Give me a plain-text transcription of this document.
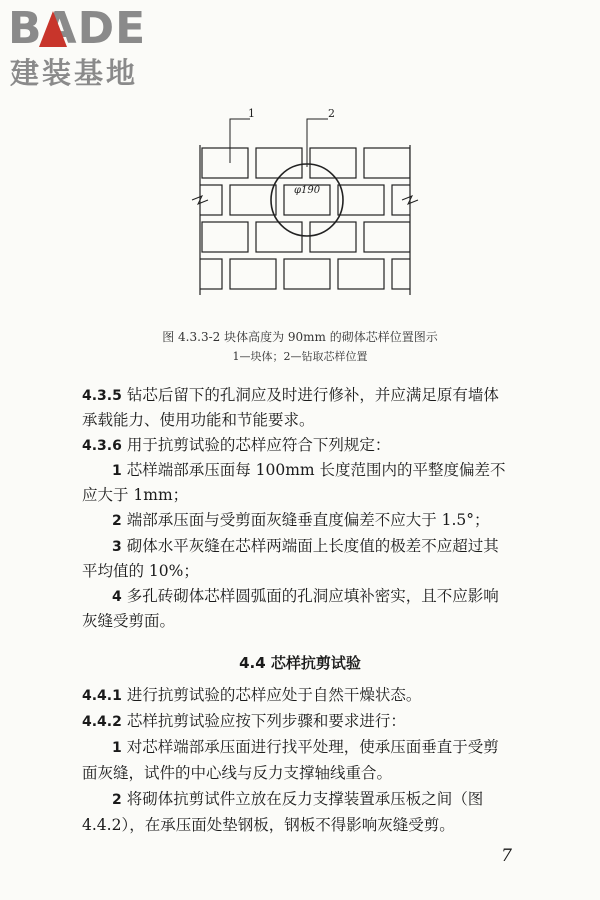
BADE
建装基地
1	2
φ190
图 4.3.3-2 块体高度为 90mm 的砌体芯样位置图示
1—块体；2—钻取芯样位置
4.3.5 钻芯后留下的孔洞应及时进行修补，并应满足原有墙体
承载能力、使用功能和节能要求。
4.3.6 用于抗剪试验的芯样应符合下列规定：
1 芯样端部承压面每 100mm 长度范围内的平整度偏差不
应大于 1mm；
2 端部承压面与受剪面灰缝垂直度偏差不应大于 1.5°；
3 砌体水平灰缝在芯样两端面上长度值的极差不应超过其
平均值的 10%；
4 多孔砖砌体芯样圆弧面的孔洞应填补密实，且不应影响
灰缝受剪面。
4.4 芯样抗剪试验
4.4.1 进行抗剪试验的芯样应处于自然干燥状态。
4.4.2 芯样抗剪试验应按下列步骤和要求进行：
1 对芯样端部承压面进行找平处理，使承压面垂直于受剪
面灰缝，试件的中心线与反力支撑轴线重合。
2 将砌体抗剪试件立放在反力支撑装置承压板之间（图
4.4.2），在承压面处垫钢板，钢板不得影响灰缝受剪。
7
